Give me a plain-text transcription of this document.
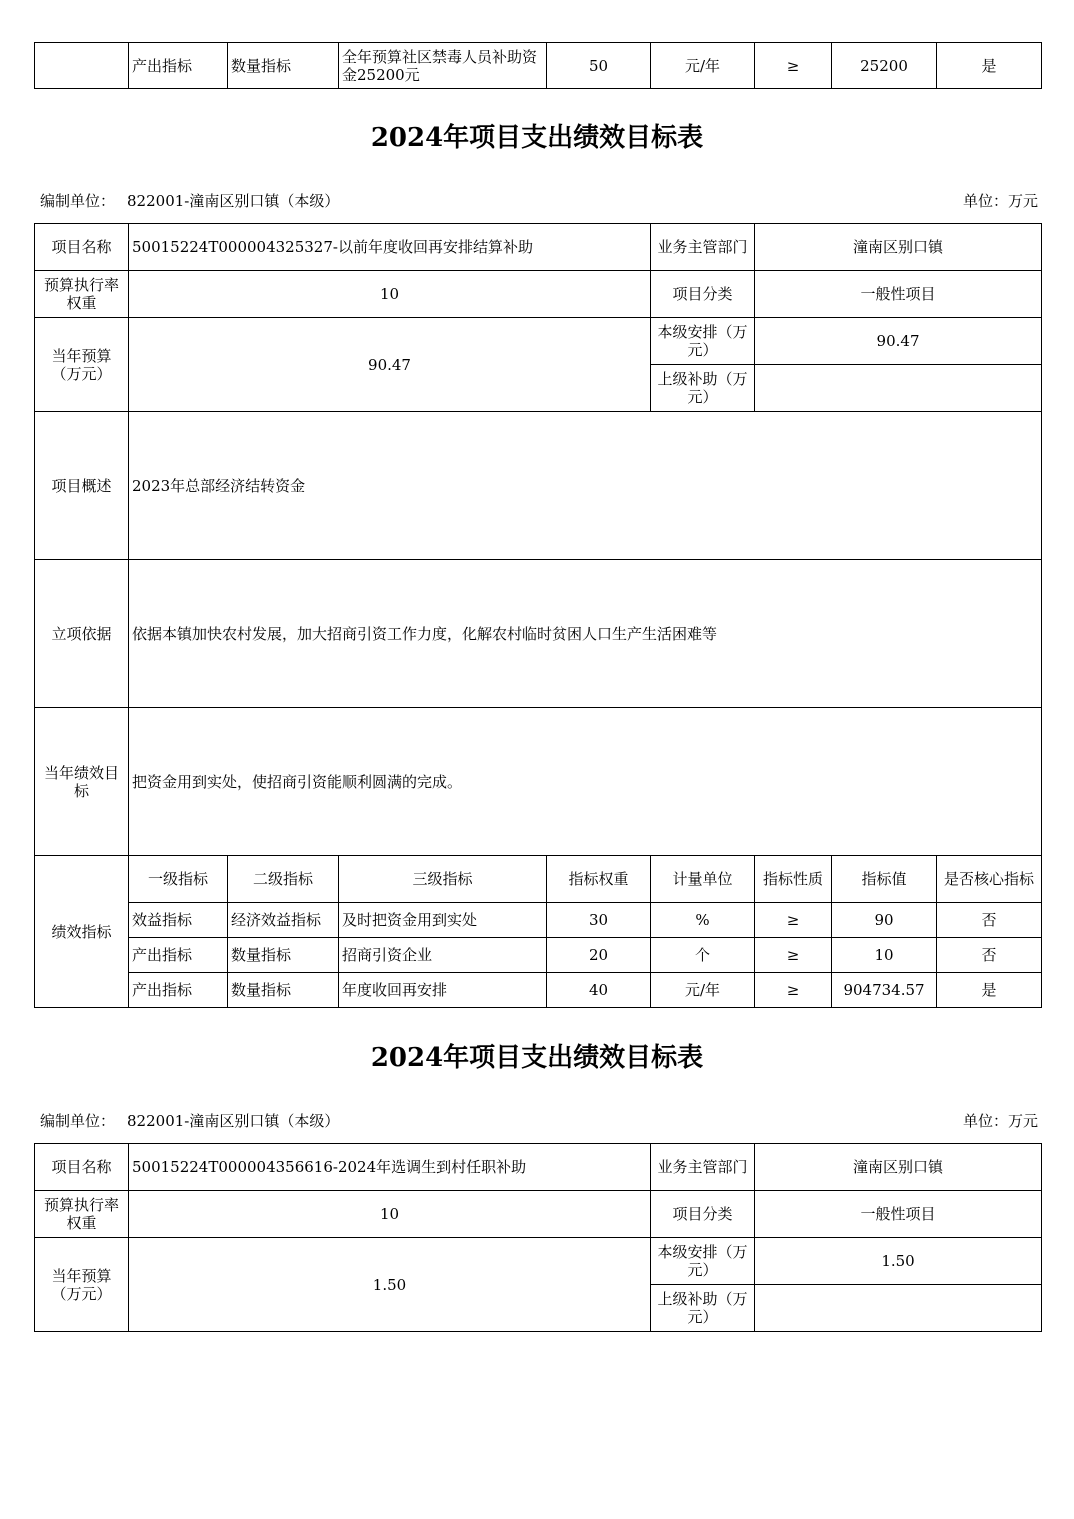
	产出指标	数量指标	全年预算社区禁毒人员补助资金25200元	50	元/年	≥	25200	是
2024年项目支出绩效目标表
编制单位： 822001-潼南区别口镇（本级）	单位：万元
项目名称	50015224T000004325327-以前年度收回再安排结算补助				业务主管部门	潼南区别口镇		
预算执行率权重	10				项目分类	一般性项目		
当年预算（万元）	90.47				本级安排（万元）	90.47		
					上级补助（万元）			
项目概述	2023年总部经济结转资金							
立项依据	依据本镇加快农村发展，加大招商引资工作力度，化解农村临时贫困人口生产生活困难等							
当年绩效目标	把资金用到实处，使招商引资能顺利圆满的完成。							
绩效指标	一级指标	二级指标	三级指标	指标权重	计量单位	指标性质	指标值	是否核心指标
	效益指标	经济效益指标	及时把资金用到实处	30	%	≥	90	否
	产出指标	数量指标	招商引资企业	20	个	≥	10	否
	产出指标	数量指标	年度收回再安排	40	元/年	≥	904734.57	是
2024年项目支出绩效目标表
编制单位： 822001-潼南区别口镇（本级）	单位：万元
项目名称	50015224T000004356616-2024年选调生到村任职补助	业务主管部门	潼南区别口镇
预算执行率权重	10	项目分类	一般性项目
当年预算（万元）	1.50	本级安排（万元）	1.50
		上级补助（万元）	
